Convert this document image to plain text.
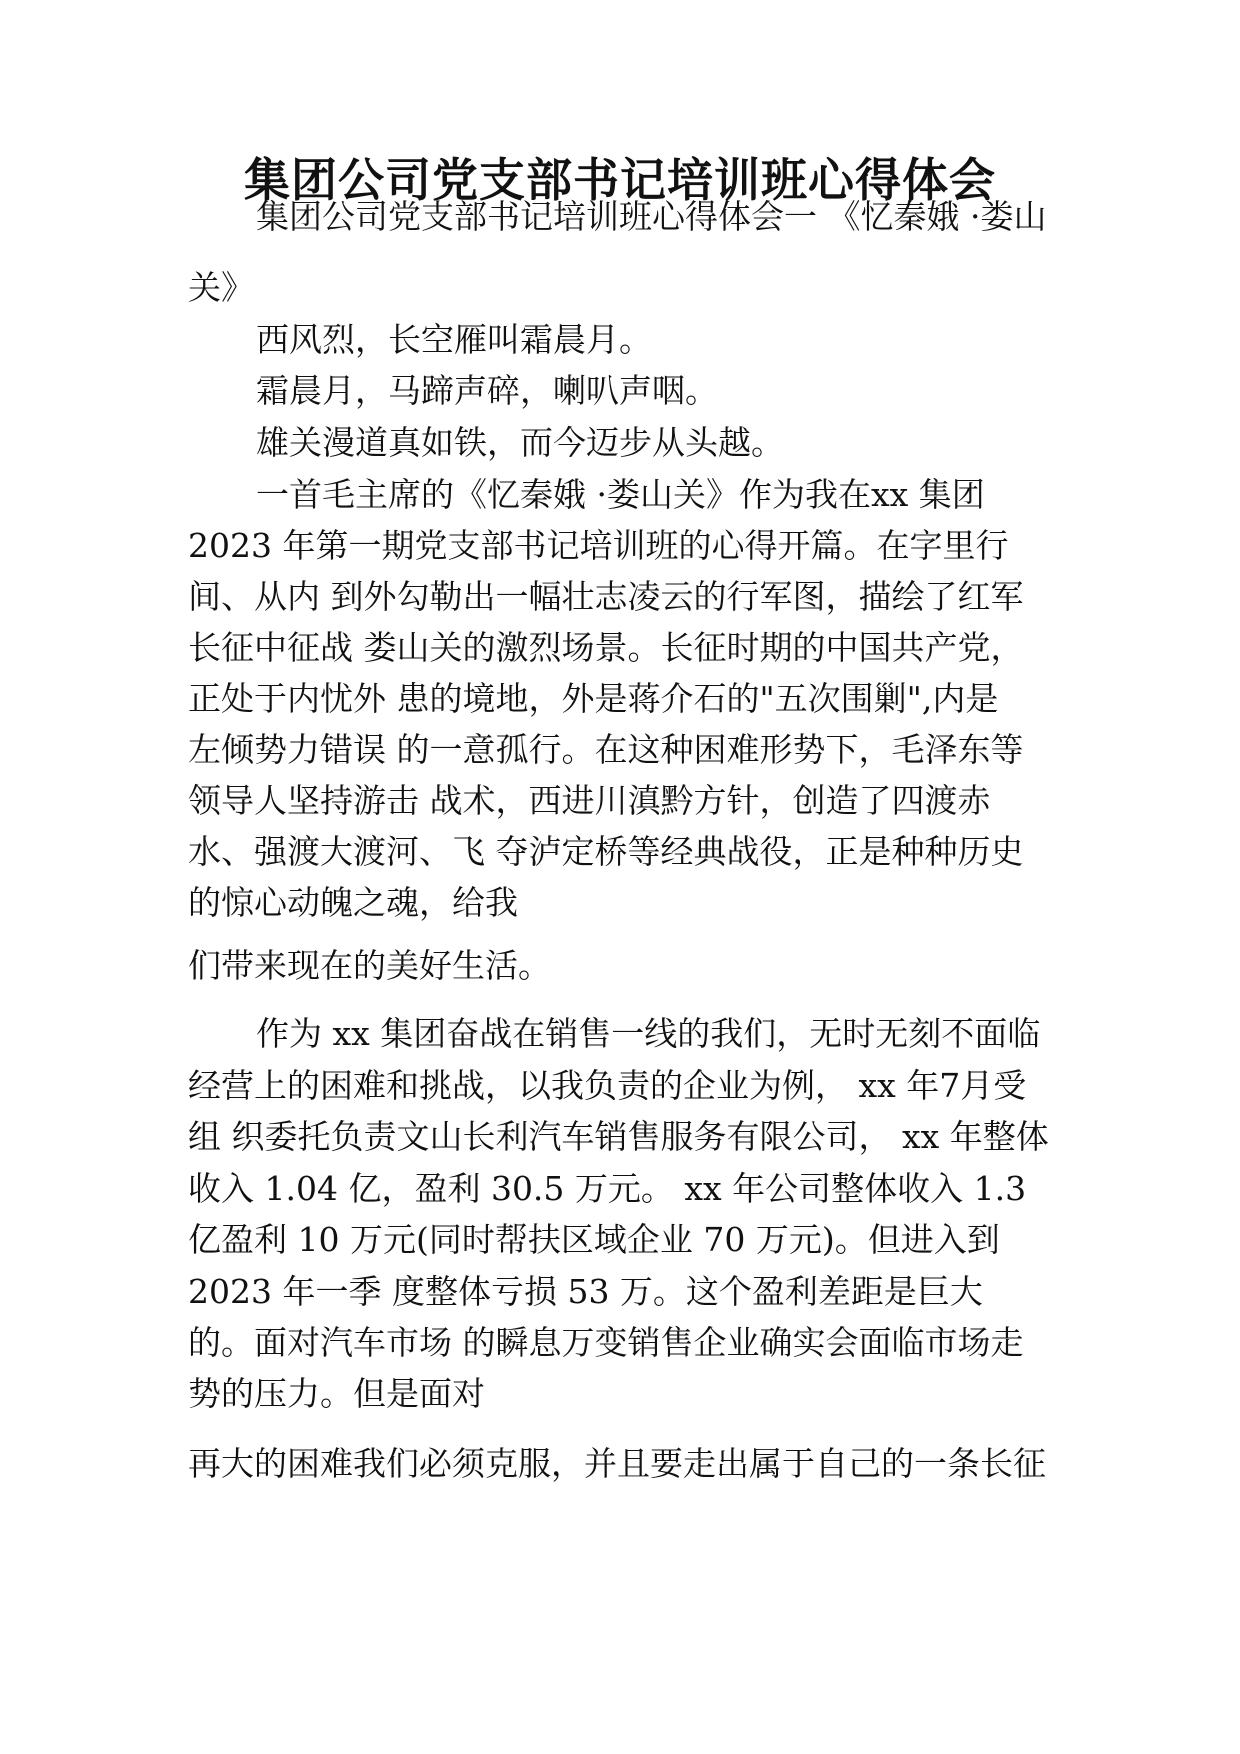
集团公司党支部书记培训班心得体会
集团公司党支部书记培训班心得体会一 《忆秦娥 ·娄山
关》
西风烈，长空雁叫霜晨月。
霜晨月，马蹄声碎，喇叭声咽。
雄关漫道真如铁，而今迈步从头越。
一首毛主席的《忆秦娥 ·娄山关》作为我在xx 集团
2023 年第一期党支部书记培训班的心得开篇。在字里行
间、从内 到外勾勒出一幅壮志凌云的行军图，描绘了红军
长征中征战 娄山关的激烈场景。长征时期的中国共产党，
正处于内忧外 患的境地，外是蒋介石的"五次围剿",内是
左倾势力错误 的一意孤行。在这种困难形势下，毛泽东等
领导人坚持游击 战术，西进川滇黔方针，创造了四渡赤
水、强渡大渡河、飞 夺泸定桥等经典战役，正是种种历史
的惊心动魄之魂，给我
们带来现在的美好生活。
作为 xx 集团奋战在销售一线的我们，无时无刻不面临
经营上的困难和挑战，以我负责的企业为例， xx 年7月受
组 织委托负责文山长利汽车销售服务有限公司， xx 年整体
收入 1.04 亿，盈利 30.5 万元。 xx 年公司整体收入 1.3
亿盈利 10 万元(同时帮扶区域企业 70 万元)。但进入到
2023 年一季 度整体亏损 53 万。这个盈利差距是巨大
的。面对汽车市场 的瞬息万变销售企业确实会面临市场走
势的压力。但是面对
再大的困难我们必须克服，并且要走出属于自己的一条长征
